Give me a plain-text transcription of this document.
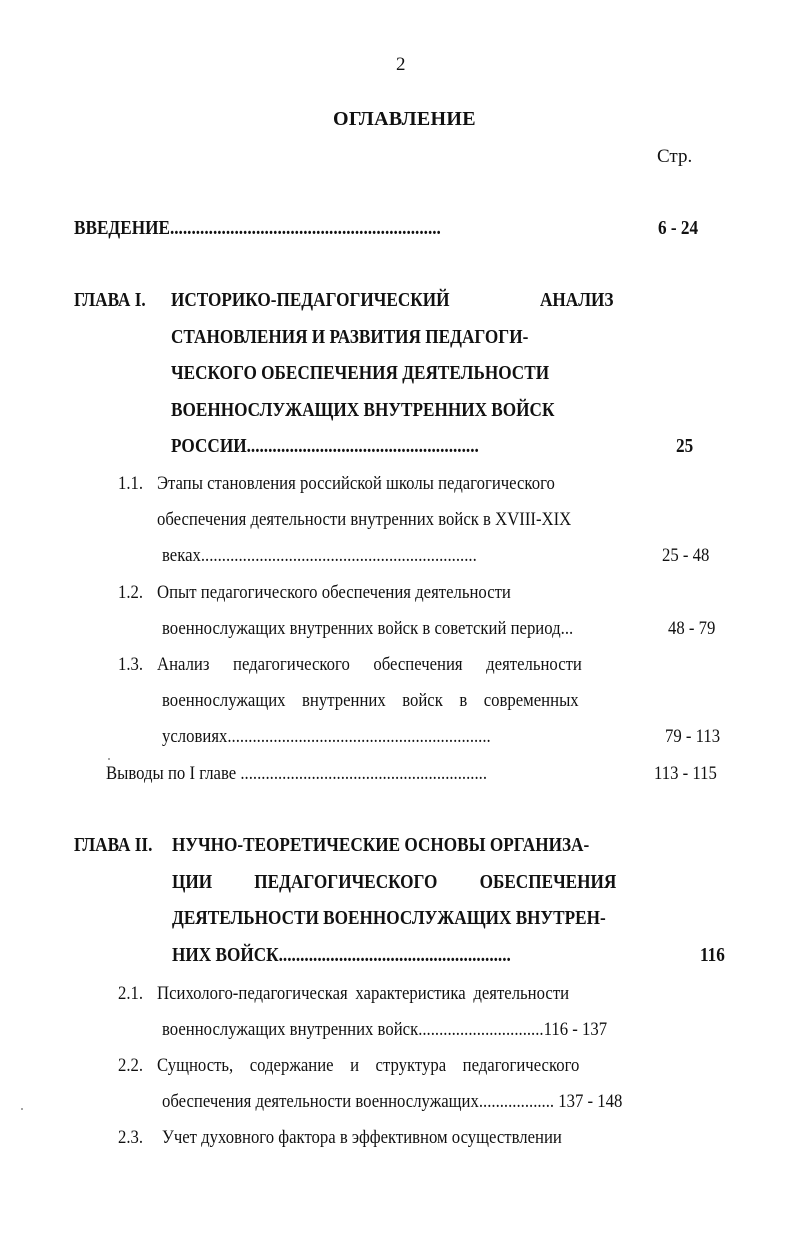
2
ОГЛАВЛЕНИЕ
Стр.
ВВЕДЕНИЕ...............................................................	6 - 24
ГЛАВА I. ИСТОРИКО-ПЕДАГОГИЧЕСКИЙ	АНАЛИЗ
СТАНОВЛЕНИЯ И РАЗВИТИЯ ПЕДАГОГИ-
ЧЕСКОГО ОБЕСПЕЧЕНИЯ ДЕЯТЕЛЬНОСТИ
ВОЕННОСЛУЖАЩИХ ВНУТРЕННИХ ВОЙСК
РОССИИ......................................................	25
1.1. Этапы становления российской школы педагогического
обеспечения деятельности внутренних войск в XVIII-XIX
веках..................................................................	25 - 48
1.2. Опыт педагогического обеспечения деятельности
военнослужащих внутренних войск в советский период...	48 - 79
1.3. Анализ педагогического обеспечения деятельности
военнослужащих внутренних войск в современных
условиях...............................................................	79 - 113
Выводы по I главе ...........................................................	113 - 115
ГЛАВА II. НУЧНО-ТЕОРЕТИЧЕСКИЕ ОСНОВЫ ОРГАНИЗА-
ЦИИ ПЕДАГОГИЧЕСКОГО ОБЕСПЕЧЕНИЯ
ДЕЯТЕЛЬНОСТИ ВОЕННОСЛУЖАЩИХ ВНУТРЕН-
НИХ ВОЙСК......................................................	116
2.1. Психолого-педагогическая характеристика деятельности
военнослужащих внутренних войск..............................116 - 137
2.2. Сущность, содержание и структура педагогического
обеспечения деятельности военнослужащих.................. 137 - 148
2.3. Учет духовного фактора в эффективном осуществлении
